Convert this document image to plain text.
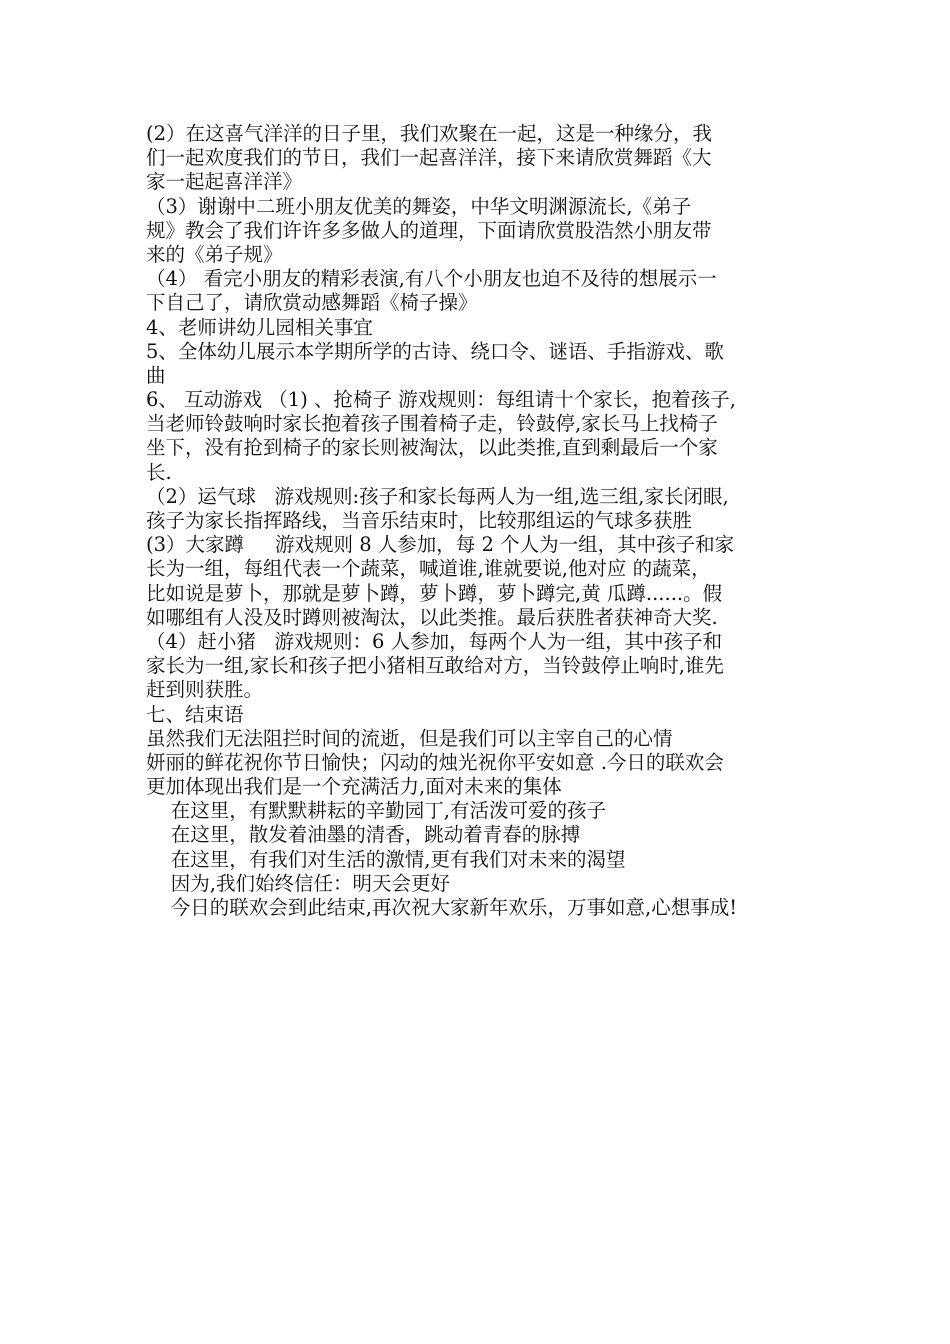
(2）在这喜气洋洋的日子里，我们欢聚在一起，这是一种缘分，我
们一起欢度我们的节日，我们一起喜洋洋，接下来请欣赏舞蹈《大
家一起起喜洋洋》
（3）谢谢中二班小朋友优美的舞姿，中华文明渊源流长,《弟子
规》教会了我们许许多多做人的道理，下面请欣赏股浩然小朋友带
来的《弟子规》
（4） 看完小朋友的精彩表演,有八个小朋友也迫不及待的想展示一
下自己了，请欣赏动感舞蹈《椅子操》
4、老师讲幼儿园相关事宜
5、全体幼儿展示本学期所学的古诗、绕口令、谜语、手指游戏、歌
曲
6、 互动游戏 （1) 、抢椅子 游戏规则：每组请十个家长，抱着孩子,
当老师铃鼓响时家长抱着孩子围着椅子走，铃鼓停,家长马上找椅子
坐下，没有抢到椅子的家长则被淘汰，以此类推,直到剩最后一个家
长.
（2）运气球   游戏规则:孩子和家长每两人为一组,选三组,家长闭眼,
孩子为家长指挥路线，当音乐结束时，比较那组运的气球多获胜
(3）大家蹲     游戏规则 8 人参加，每 2 个人为一组，其中孩子和家
长为一组，每组代表一个蔬菜，喊道谁,谁就要说,他对应 的蔬菜，
比如说是萝卜，那就是萝卜蹲，萝卜蹲，萝卜蹲完,黄 瓜蹲......。假
如哪组有人没及时蹲则被淘汰，以此类推。最后获胜者获神奇大奖.
（4）赶小猪   游戏规则：6 人参加，每两个人为一组，其中孩子和
家长为一组,家长和孩子把小猪相互敢给对方，当铃鼓停止响时,谁先
赶到则获胜。
七、结束语
虽然我们无法阻拦时间的流逝，但是我们可以主宰自己的心情
妍丽的鲜花祝你节日愉快；闪动的烛光祝你平安如意 .今日的联欢会
更加体现出我们是一个充满活力,面对未来的集体
在这里，有默默耕耘的辛勤园丁,有活泼可爱的孩子
在这里，散发着油墨的清香，跳动着青春的脉搏
在这里，有我们对生活的激情,更有我们对未来的渴望
因为,我们始终信任：明天会更好
今日的联欢会到此结束,再次祝大家新年欢乐，万事如意,心想事成!
